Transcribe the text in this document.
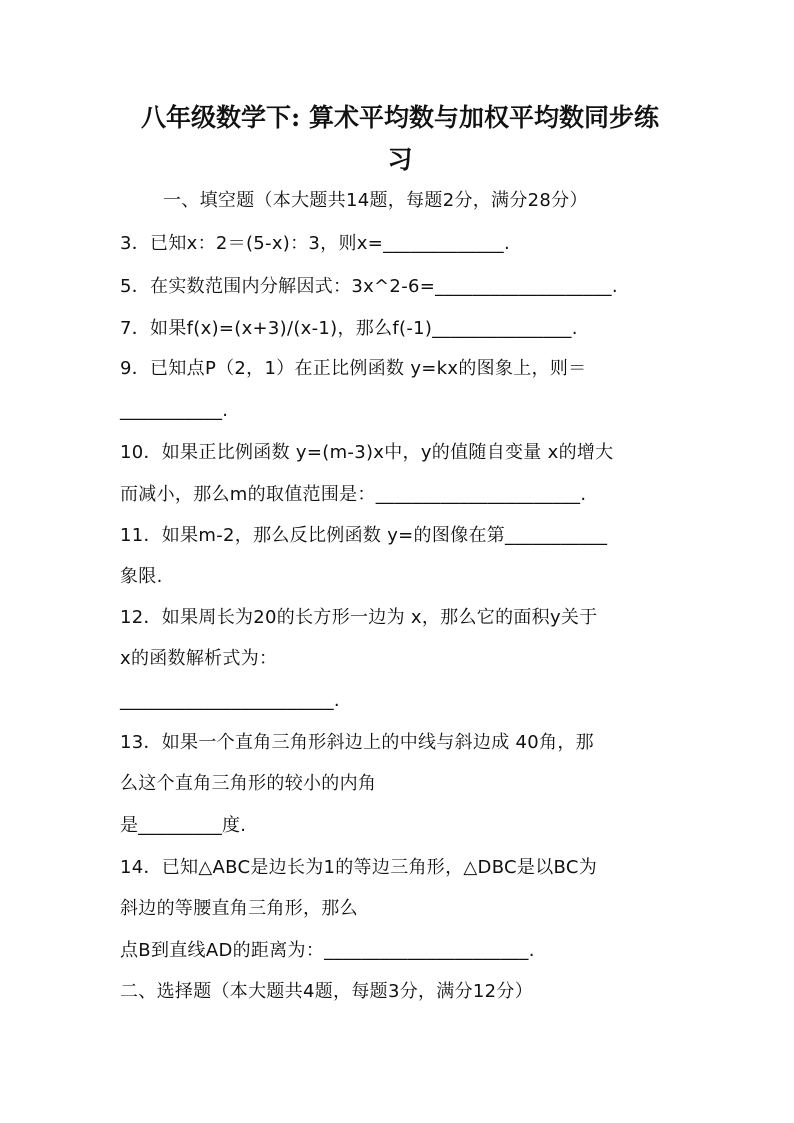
八年级数学下: 算术平均数与加权平均数同步练
习
一、填空题（本大题共14题，每题2分，满分28分）
3．已知x：2＝(5-x)：3，则x=_____________.
5．在实数范围内分解因式：3x^2-6=___________________.
7．如果f(x)=(x+3)/(x-1)，那么f(-1)_______________.
9．已知点P（2，1）在正比例函数 y=kx的图象上，则＝
___________.
10．如果正比例函数 y=(m-3)x中，y的值随自变量 x的增大
而减小，那么m的取值范围是：______________________.
11．如果m-2，那么反比例函数 y=的图像在第___________
象限.
12．如果周长为20的长方形一边为 x，那么它的面积y关于
x的函数解析式为：
_______________________.
13．如果一个直角三角形斜边上的中线与斜边成 40角，那
么这个直角三角形的较小的内角
是_________度.
14．已知△ABC是边长为1的等边三角形，△DBC是以BC为
斜边的等腰直角三角形，那么
点B到直线AD的距离为：______________________.
二、选择题（本大题共4题，每题3分，满分12分）
